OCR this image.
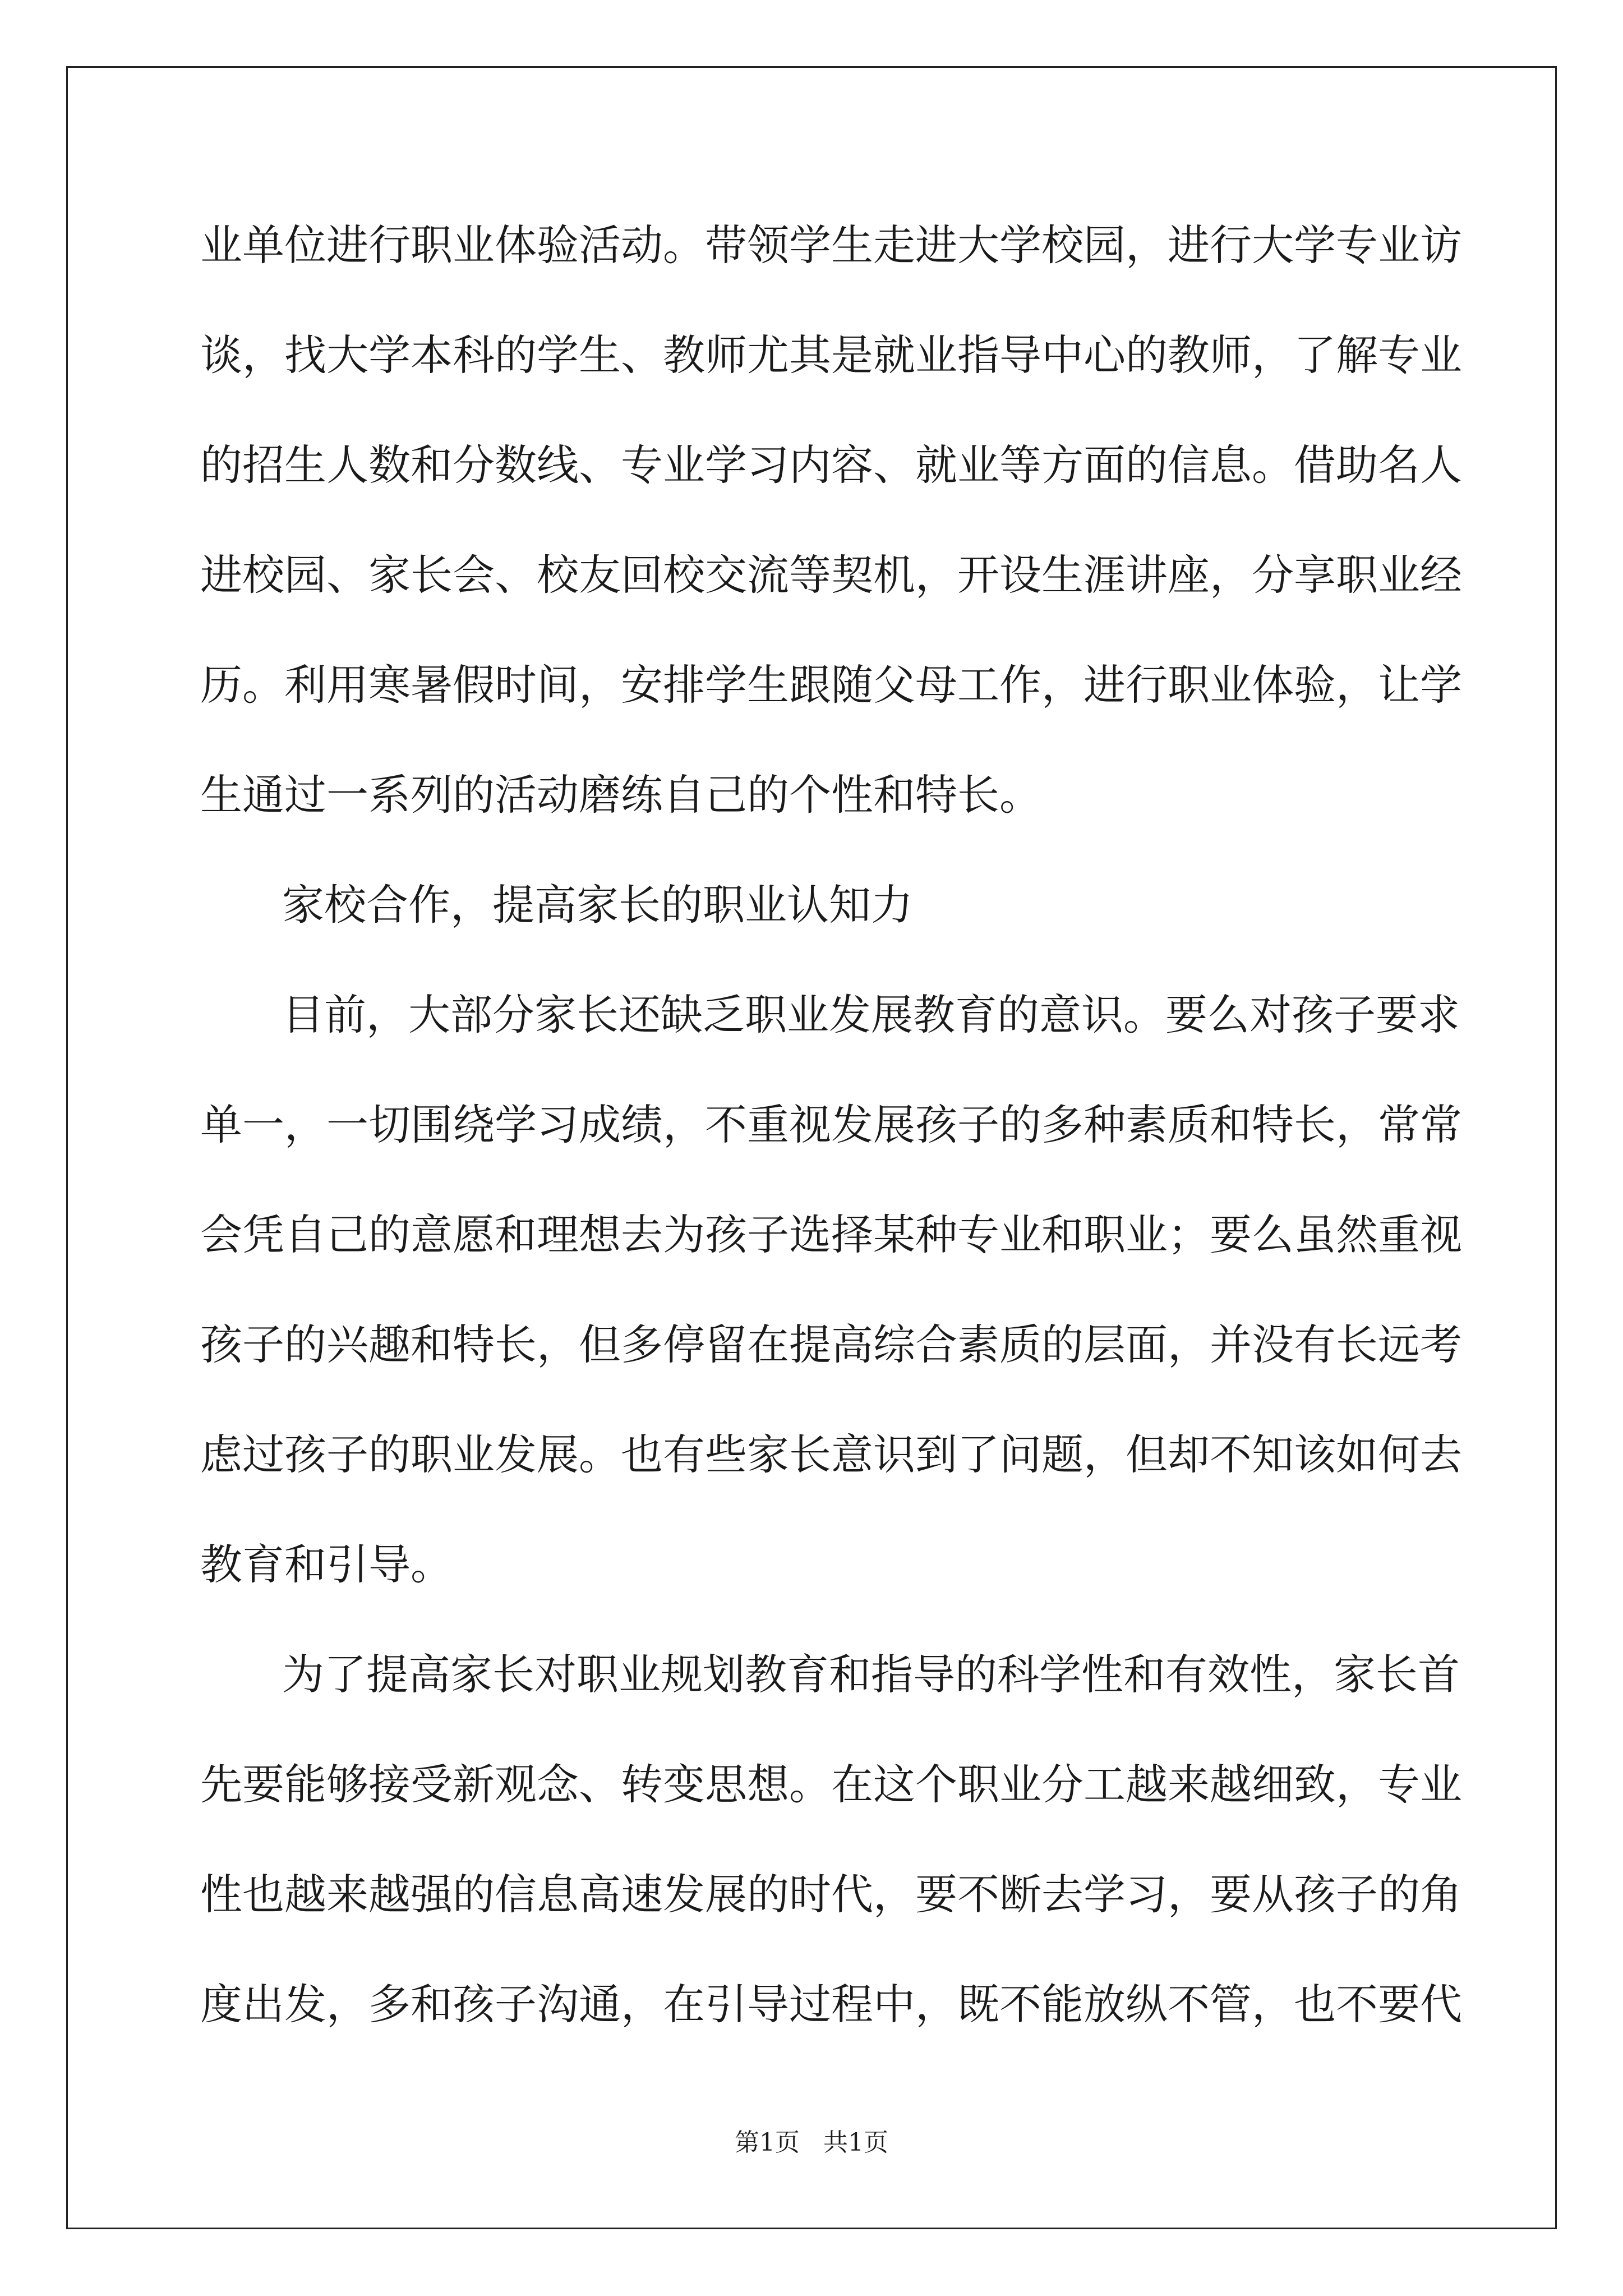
业单位进行职业体验活动。带领学生走进大学校园，进行大学专业访

谈，找大学本科的学生、教师尤其是就业指导中心的教师，了解专业

的招生人数和分数线、专业学习内容、就业等方面的信息。借助名人

进校园、家长会、校友回校交流等契机，开设生涯讲座，分享职业经

历。利用寒暑假时间，安排学生跟随父母工作，进行职业体验，让学

生通过一系列的活动磨练自己的个性和特长。

家校合作，提高家长的职业认知力

目前，大部分家长还缺乏职业发展教育的意识。要么对孩子要求

单一，一切围绕学习成绩，不重视发展孩子的多种素质和特长，常常

会凭自己的意愿和理想去为孩子选择某种专业和职业；要么虽然重视

孩子的兴趣和特长，但多停留在提高综合素质的层面，并没有长远考

虑过孩子的职业发展。也有些家长意识到了问题，但却不知该如何去

教育和引导。

为了提高家长对职业规划教育和指导的科学性和有效性，家长首

先要能够接受新观念、转变思想。在这个职业分工越来越细致，专业

性也越来越强的信息高速发展的时代，要不断去学习，要从孩子的角

度出发，多和孩子沟通，在引导过程中，既不能放纵不管，也不要代

第1页   共1页
